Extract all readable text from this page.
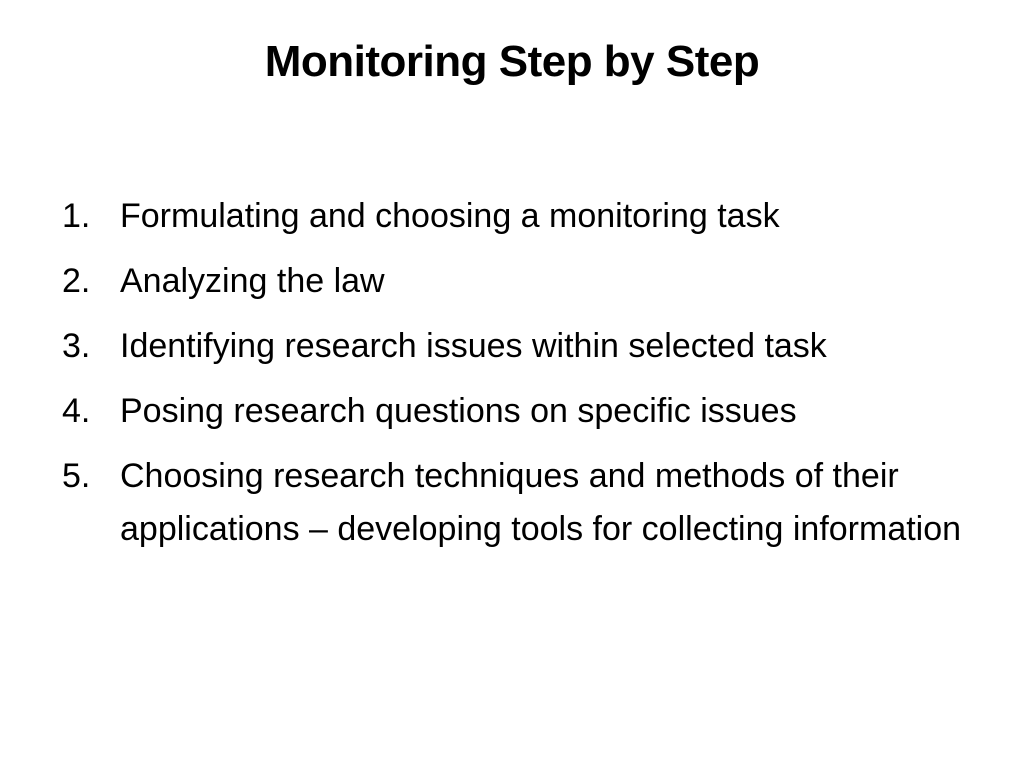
Monitoring Step by Step
1. Formulating and choosing a monitoring task
2. Analyzing the law
3. Identifying research issues within selected task
4. Posing research questions on specific issues
5. Choosing research techniques and methods of their applications – developing tools for collecting information
